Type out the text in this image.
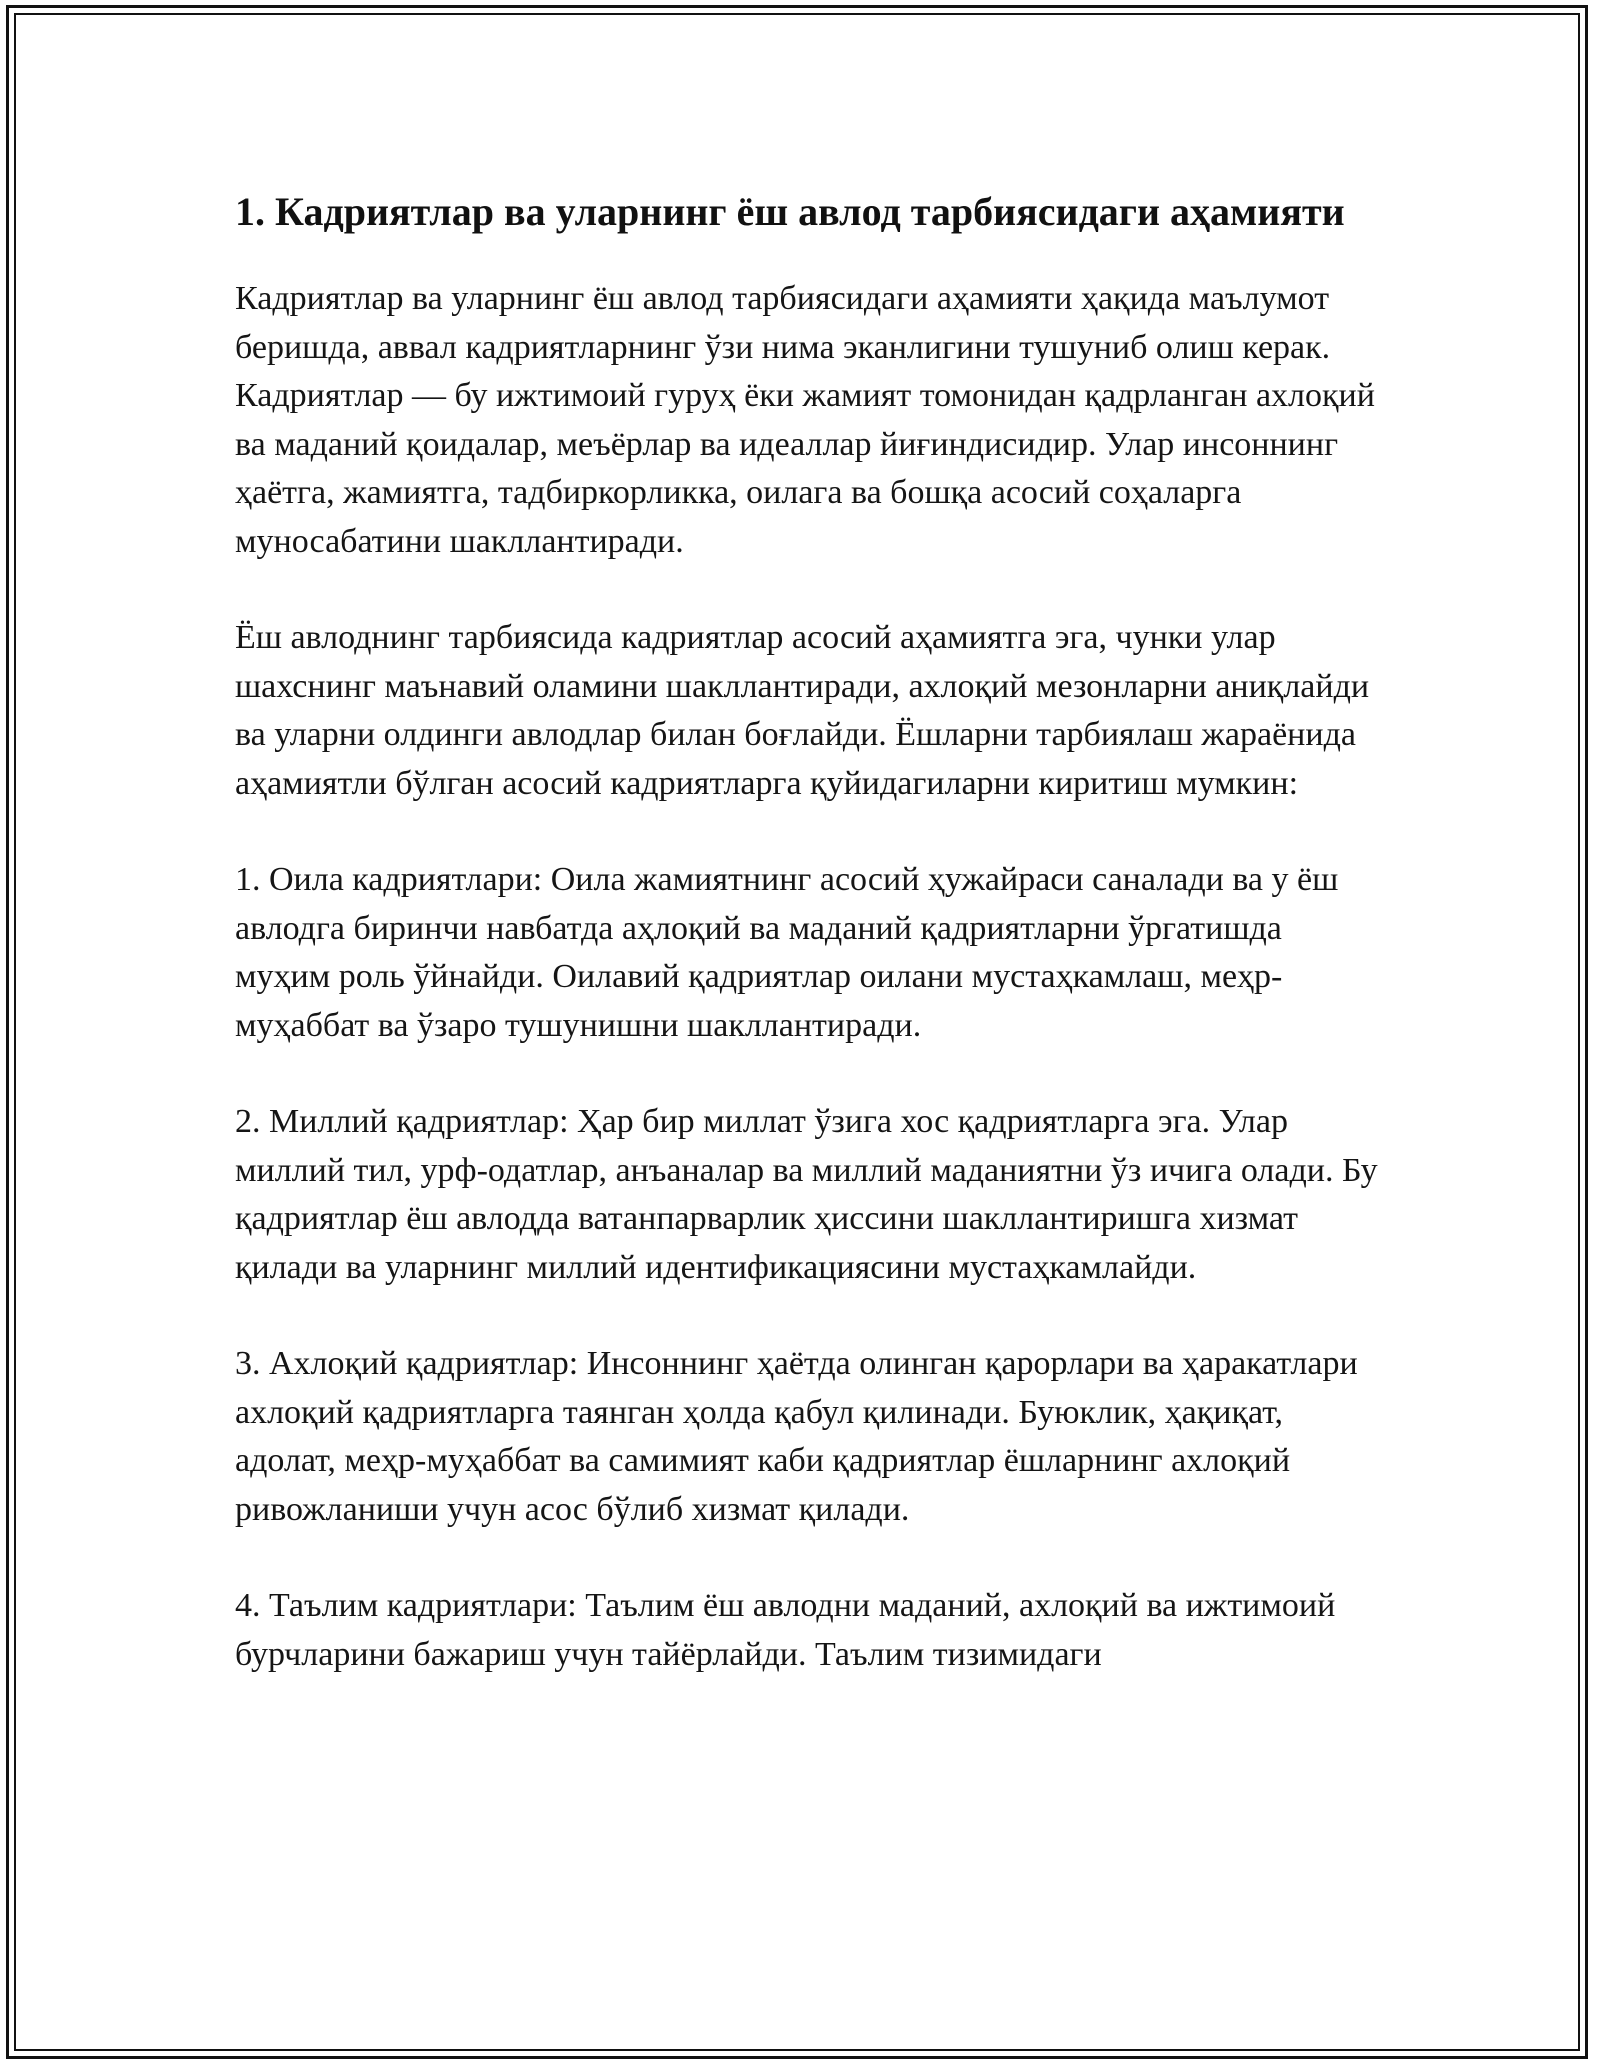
1. Кадриятлар ва уларнинг ёш авлод тарбиясидаги аҳамияти

Кадриятлар ва уларнинг ёш авлод тарбиясидаги аҳамияти ҳақида маълумот беришда, аввал кадриятларнинг ўзи нима эканлигини тушуниб олиш керак. Кадриятлар — бу ижтимоий гуруҳ ёки жамият томонидан қадрланган ахлоқий ва маданий қоидалар, меъёрлар ва идеаллар йиғиндисидир. Улар инсоннинг ҳаётга, жамиятга, тадбиркорликка, оилага ва бошқа асосий соҳаларга муносабатини шакллантиради.

Ёш авлоднинг тарбиясида кадриятлар асосий аҳамиятга эга, чунки улар шахснинг маънавий оламини шакллантиради, ахлоқий мезонларни аниқлайди ва уларни олдинги авлодлар билан боғлайди. Ёшларни тарбиялаш жараёнида аҳамиятли бўлган асосий кадриятларга қуйидагиларни киритиш мумкин:

1. Оила кадриятлари: Оила жамиятнинг асосий ҳужайраси саналади ва у ёш авлодга биринчи навбатда аҳлоқий ва маданий қадриятларни ўргатишда муҳим роль ўйнайди. Оилавий қадриятлар оилани мустаҳкамлаш, меҳр-муҳаббат ва ўзаро тушунишни шакллантиради.

2. Миллий қадриятлар: Ҳар бир миллат ўзига хос қадриятларга эга. Улар миллий тил, урф-одатлар, анъаналар ва миллий маданиятни ўз ичига олади. Бу қадриятлар ёш авлодда ватанпарварлик ҳиссини шакллантиришга хизмат қилади ва уларнинг миллий идентификациясини мустаҳкамлайди.

3. Ахлоқий қадриятлар: Инсоннинг ҳаётда олинган қарорлари ва ҳаракатлари ахлоқий қадриятларга таянган ҳолда қабул қилинади. Буюклик, ҳақиқат, адолат, меҳр-муҳаббат ва самимият каби қадриятлар ёшларнинг ахлоқий ривожланиши учун асос бўлиб хизмат қилади.

4. Таълим кадриятлари: Таълим ёш авлодни маданий, ахлоқий ва ижтимоий бурчларини бажариш учун тайёрлайди. Таълим тизимидаги
